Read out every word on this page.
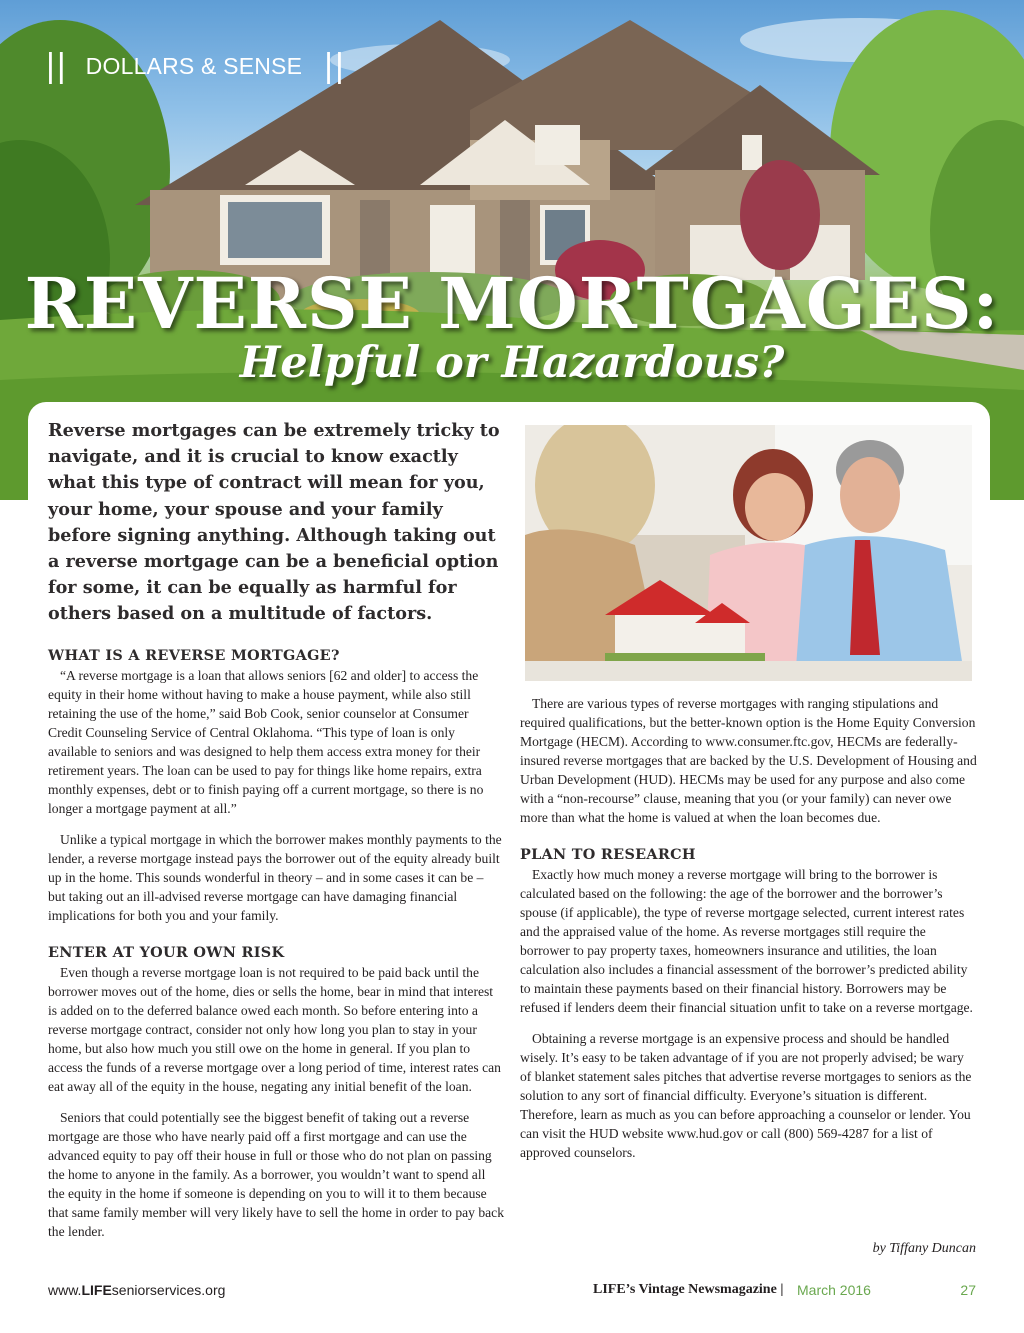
|| DOLLARS & SENSE ||
REVERSE MORTGAGES:
Helpful or Hazardous?
Reverse mortgages can be extremely tricky to navigate, and it is crucial to know exactly what this type of contract will mean for you, your home, your spouse and your family before signing anything. Although taking out a reverse mortgage can be a beneficial option for some, it can be equally as harmful for others based on a multitude of factors.
WHAT IS A REVERSE MORTGAGE?

“A reverse mortgage is a loan that allows seniors [62 and older] to access the equity in their home without having to make a house payment, while also still retaining the use of the home,” said Bob Cook, senior counselor at Consumer Credit Counseling Service of Central Oklahoma. “This type of loan is only available to seniors and was designed to help them access extra money for their retirement years. The loan can be used to pay for things like home repairs, extra monthly expenses, debt or to finish paying off a current mortgage, so there is no longer a mortgage payment at all.”

Unlike a typical mortgage in which the borrower makes monthly payments to the lender, a reverse mortgage instead pays the borrower out of the equity already built up in the home. This sounds wonderful in theory – and in some cases it can be – but taking out an ill-advised reverse mortgage can have damaging financial implications for both you and your family.

ENTER AT YOUR OWN RISK

Even though a reverse mortgage loan is not required to be paid back until the borrower moves out of the home, dies or sells the home, bear in mind that interest is added on to the deferred balance owed each month. So before entering into a reverse mortgage contract, consider not only how long you plan to stay in your home, but also how much you still owe on the home in general. If you plan to access the funds of a reverse mortgage over a long period of time, interest rates can eat away all of the equity in the house, negating any initial benefit of the loan.

Seniors that could potentially see the biggest benefit of taking out a reverse mortgage are those who have nearly paid off a first mortgage and can use the advanced equity to pay off their house in full or those who do not plan on passing the home to anyone in the family. As a borrower, you wouldn’t want to spend all the equity in the home if someone is depending on you to will it to them because that same family member will very likely have to sell the home in order to pay back the lender.

There are various types of reverse mortgages with ranging stipulations and required qualifications, but the better-known option is the Home Equity Conversion Mortgage (HECM). According to www.consumer.ftc.gov, HECMs are federally-insured reverse mortgages that are backed by the U.S. Development of Housing and Urban Development (HUD). HECMs may be used for any purpose and also come with a “non-recourse” clause, meaning that you (or your family) can never owe more than what the home is valued at when the loan becomes due.

PLAN TO RESEARCH

Exactly how much money a reverse mortgage will bring to the borrower is calculated based on the following: the age of the borrower and the borrower’s spouse (if applicable), the type of reverse mortgage selected, current interest rates and the appraised value of the home. As reverse mortgages still require the borrower to pay property taxes, homeowners insurance and utilities, the loan calculation also includes a financial assessment of the borrower’s predicted ability to maintain these payments based on their financial history. Borrowers may be refused if lenders deem their financial situation unfit to take on a reverse mortgage.

Obtaining a reverse mortgage is an expensive process and should be handled wisely. It’s easy to be taken advantage of if you are not properly advised; be wary of blanket statement sales pitches that advertise reverse mortgages to seniors as the solution to any sort of financial difficulty. Everyone’s situation is different. Therefore, learn as much as you can before approaching a counselor or lender. You can visit the HUD website www.hud.gov or call (800) 569-4287 for a list of approved counselors.

by Tiffany Duncan
www.LIFEseniorservices.org	LIFE’s Vintage Newsmagazine | March 2016	27
